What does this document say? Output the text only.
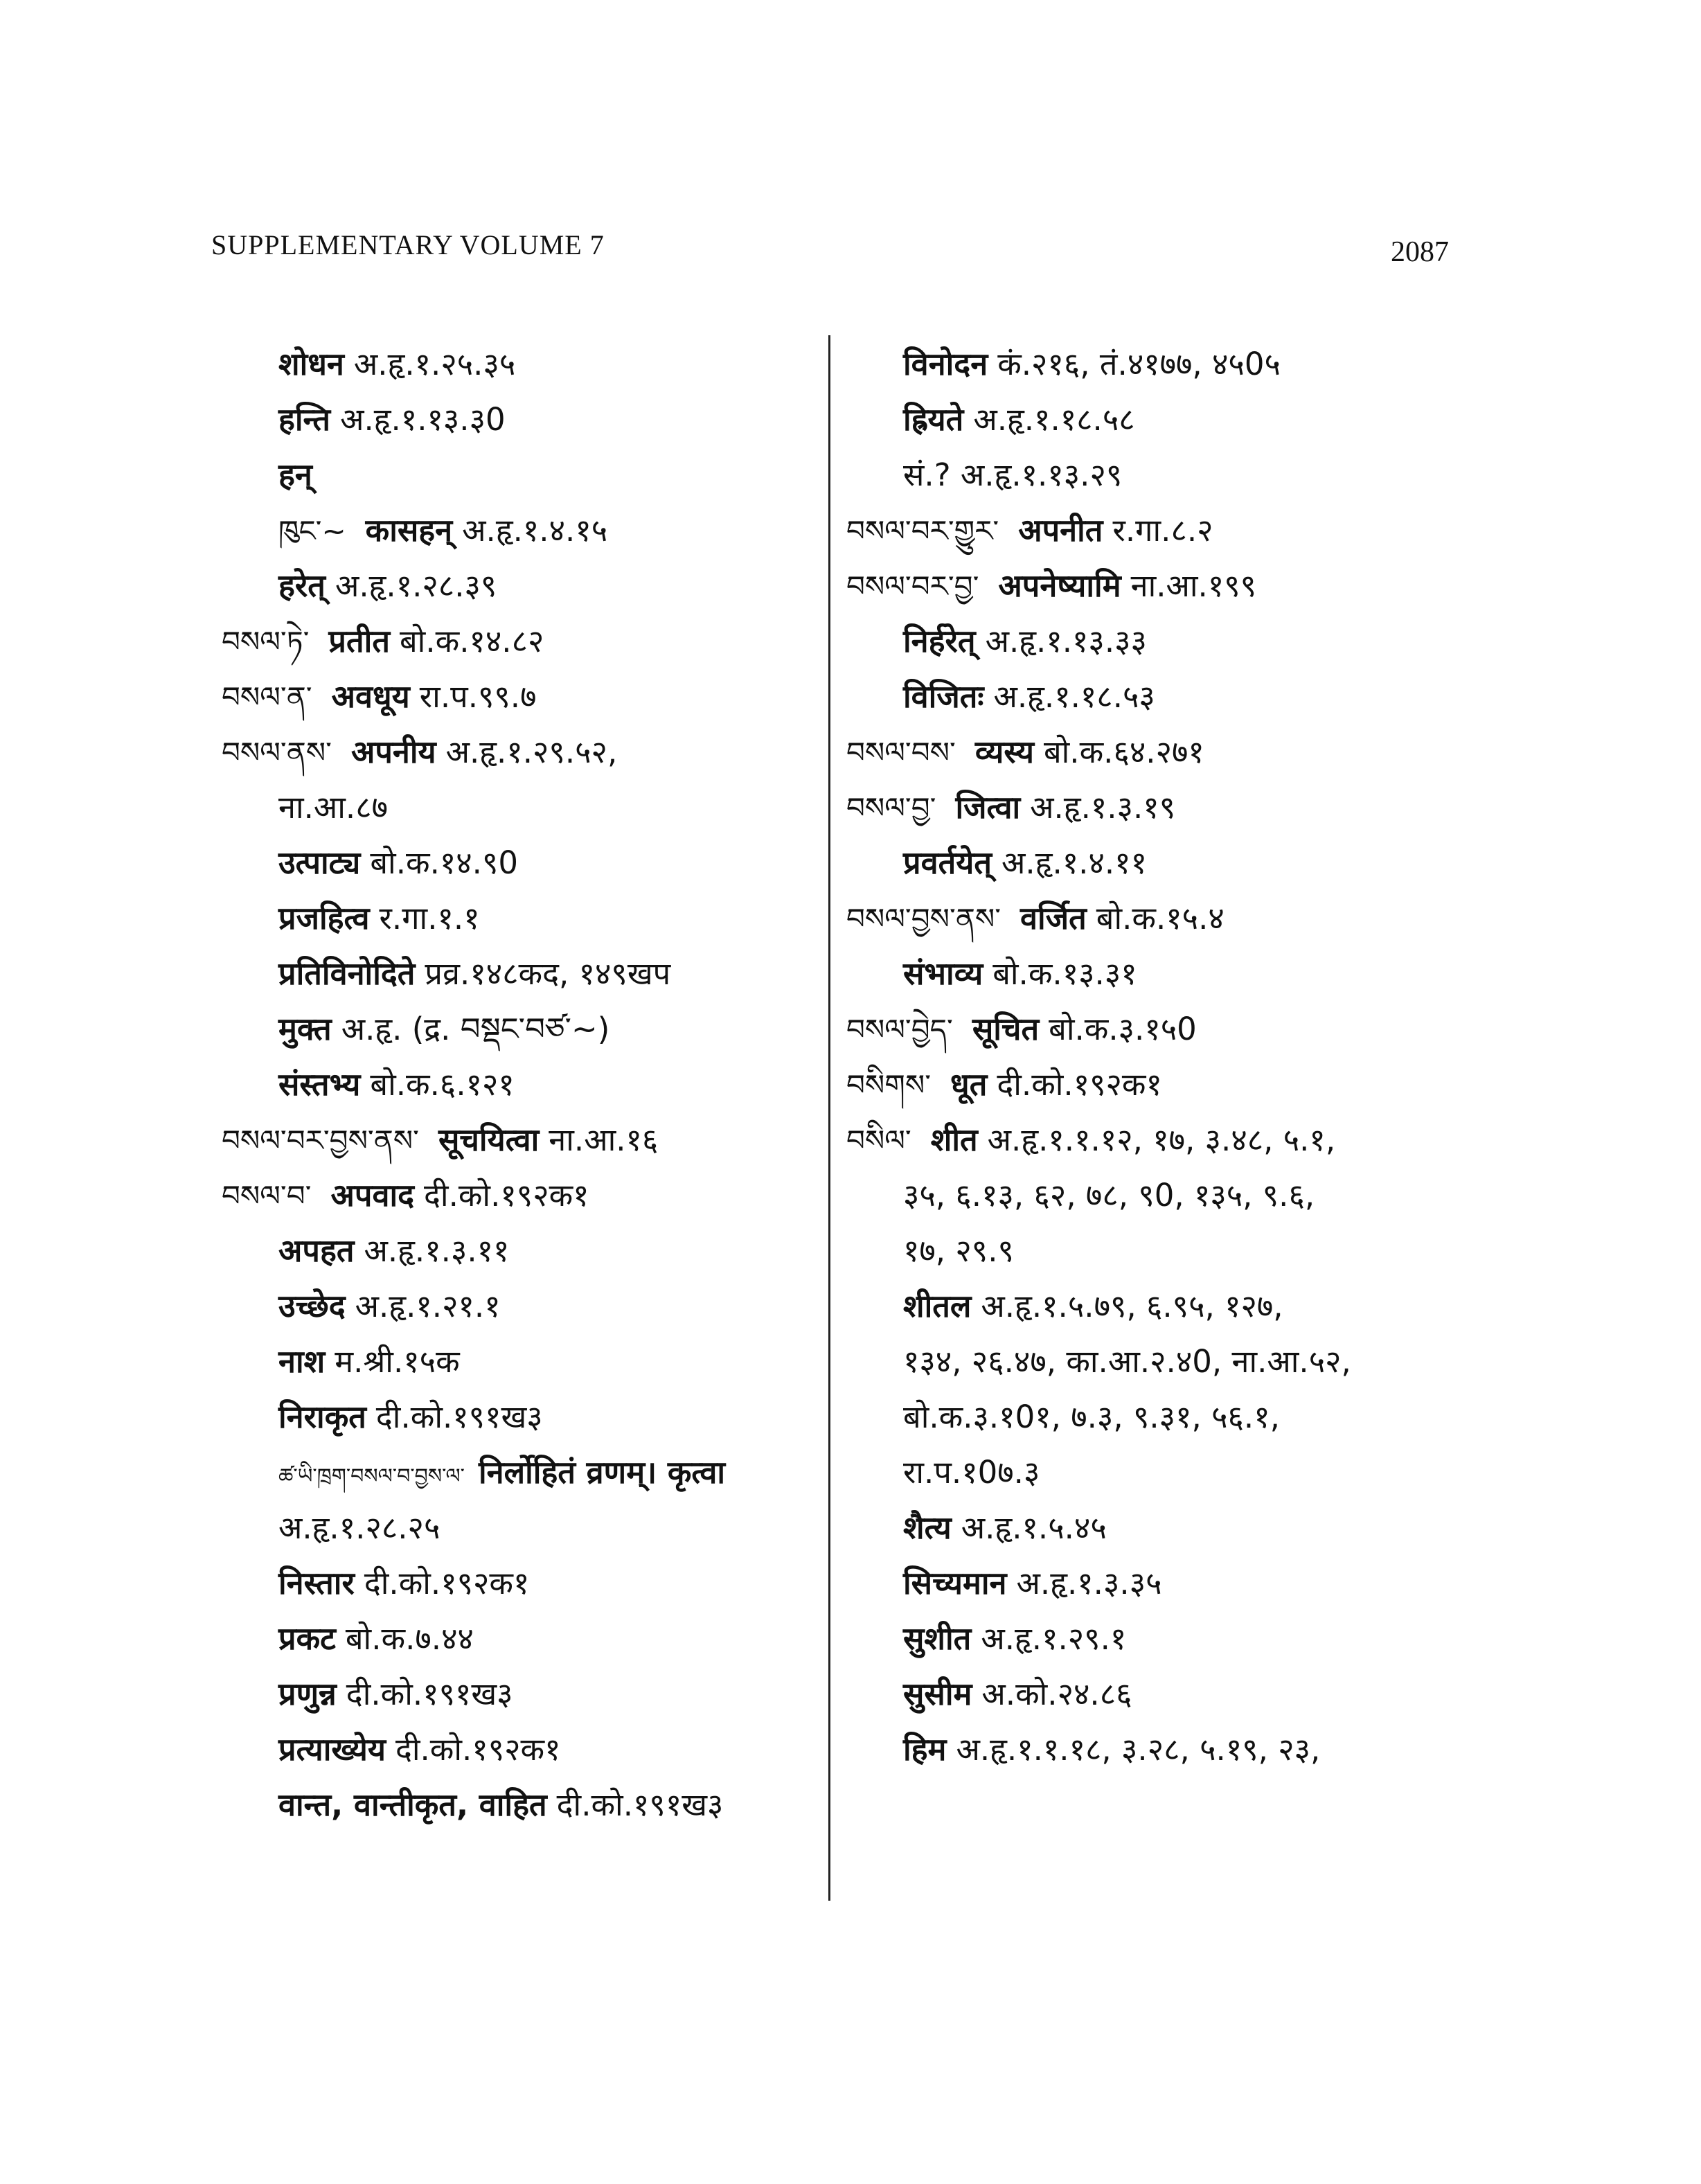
SUPPLEMENTARY VOLUME 7	2087
शोधन अ.हृ.१.२५.३५
हन्ति अ.हृ.१.१३.३0
हन्
ཁུང་~ कासहन् अ.हृ.१.४.१५
हरेत् अ.हृ.१.२८.३९
བསལ་ཏེ་ प्रतीत बो.क.१४.८२
བསལ་ན་ अवधूय रा.प.९९.७
བསལ་ནས་ अपनीय अ.हृ.१.२९.५२,
ना.आ.८७
उत्पाट्य बो.क.१४.९0
प्रजहित्व र.गा.१.१
प्रतिविनोदिते प्रव्र.१४८कद, १४९खप
मुक्त अ.हृ. (द्र. བསྡང་བཙ་~)
संस्तभ्य बो.क.६.१२१
བསལ་བར་བྱས་ནས་ सूचयित्वा ना.आ.१६
བསལ་བ་ अपवाद दी.को.१९२क१
अपहत अ.हृ.१.३.११
उच्छेद अ.हृ.१.२१.१
नाश म.श्री.१५क
निराकृत दी.को.१९१ख३
ཚ་ཡི་ཁྲག་བསལ་བ་བྱས་ལ་ निर्लोहितं व्रणम्। कृत्वा
अ.हृ.१.२८.२५
निस्तार दी.को.१९२क१
प्रकट बो.क.७.४४
प्रणुन्न दी.को.१९१ख३
प्रत्याख्येय दी.को.१९२क१
वान्त, वान्तीकृत, वाहित दी.को.१९१ख३
विनोदन कं.२१६, तं.४१७७, ४५0५
ह्रियते अ.हृ.१.१८.५८
सं.? अ.हृ.१.१३.२९
བསལ་བར་གྱུར་ अपनीत र.गा.८.२
བསལ་བར་བྱ་ अपनेष्यामि ना.आ.१९९
निर्हरेत् अ.हृ.१.१३.३३
विजितः अ.हृ.१.१८.५३
བསལ་བས་ व्यस्य बो.क.६४.२७१
བསལ་བྱ་ जित्वा अ.हृ.१.३.१९
प्रवर्तयेत् अ.हृ.१.४.११
བསལ་བྱས་ནས་ वर्जित बो.क.१५.४
संभाव्य बो.क.१३.३१
བསལ་བྱེད་ सूचित बो.क.३.१५0
བསིགས་ धूत दी.को.१९२क१
བསིལ་ शीत अ.हृ.१.१.१२, १७, ३.४८, ५.१,
३५, ६.१३, ६२, ७८, ९0, १३५, ९.६,
१७, २९.९
शीतल अ.हृ.१.५.७९, ६.९५, १२७,
१३४, २६.४७, का.आ.२.४0, ना.आ.५२,
बो.क.३.१0१, ७.३, ९.३१, ५६.१,
रा.प.१0७.३
शैत्य अ.हृ.१.५.४५
सिच्यमान अ.हृ.१.३.३५
सुशीत अ.हृ.१.२९.१
सुसीम अ.को.२४.८६
हिम अ.हृ.१.१.१८, ३.२८, ५.१९, २३,
